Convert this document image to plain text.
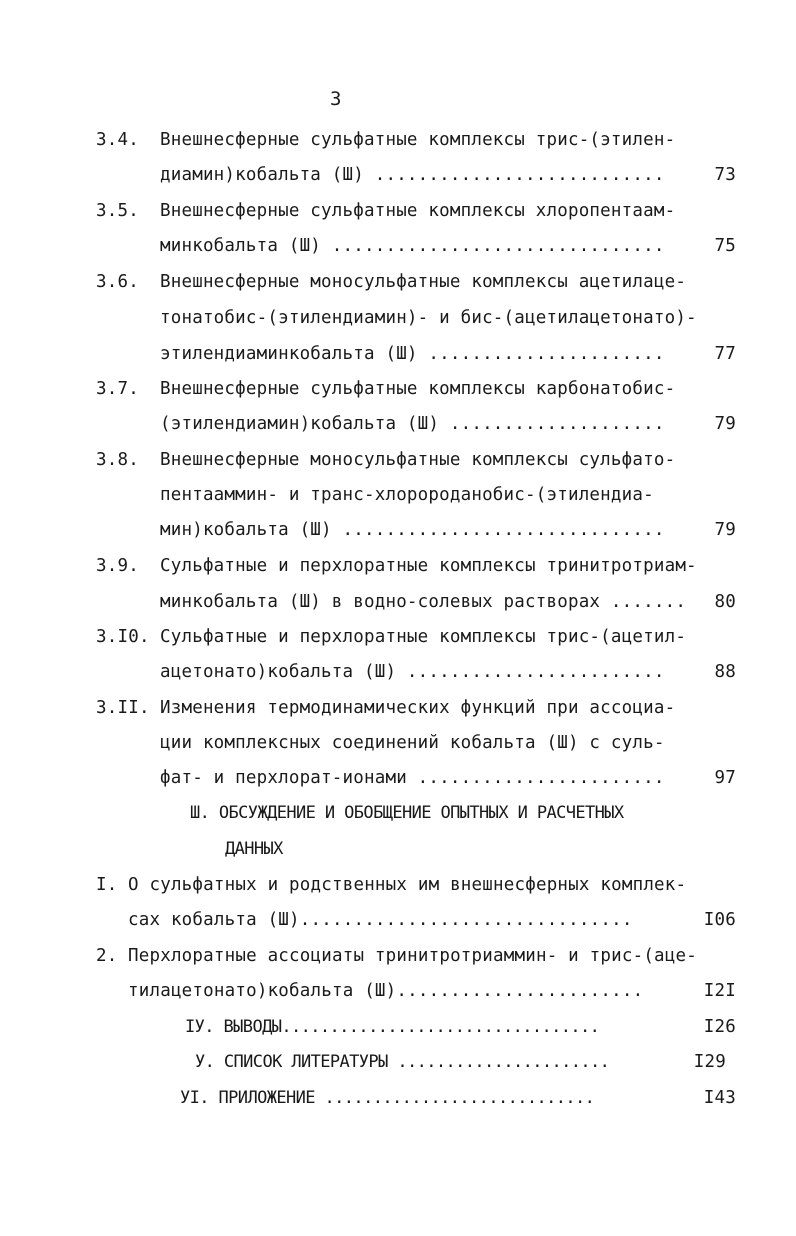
3
3.4. Внешнесферные сульфатные комплексы трис-(этилен-
диамин)кобальта (Ш) ...........................	73
3.5. Внешнесферные сульфатные комплексы хлоропентаам-
минкобальта (Ш) ...............................	75
3.6. Внешнесферные моносульфатные комплексы ацетилаце-
тонатобис-(этилендиамин)- и бис-(ацетилацетонато)-
этилендиаминкобальта (Ш) ......................	77
3.7. Внешнесферные сульфатные комплексы карбонатобис-
(этилендиамин)кобальта (Ш) ....................	79
3.8. Внешнесферные моносульфатные комплексы сульфато-
пентааммин- и транс-хлоророданобис-(этилендиа-
мин)кобальта (Ш) ..............................	79
3.9. Сульфатные и перхлоратные комплексы тринитротриам-
минкобальта (Ш) в водно-солевых растворах .......	80
3.I0. Сульфатные и перхлоратные комплексы трис-(ацетил-
ацетонато)кобальта (Ш) ........................	88
3.II. Изменения термодинамических функций при ассоциа-
ции комплексных соединений кобальта (Ш) с суль-
фат- и перхлорат-ионами .......................	97
Ш. ОБСУЖДЕНИЕ И ОБОБЩЕНИЕ ОПЫТНЫХ И РАСЧЕТНЫХ
ДАННЫХ
I. О сульфатных и родственных им внешнесферных комплек-
сах кобальта (Ш)...............................	I06
2. Перхлоратные ассоциаты тринитротриаммин- и трис-(аце-
тилацетонато)кобальта (Ш).......................	I2I
IУ. ВЫВОДЫ.................................	I26
У. СПИСОК ЛИТЕРАТУРЫ ......................	I29
УI. ПРИЛОЖЕНИЕ ............................	I43
